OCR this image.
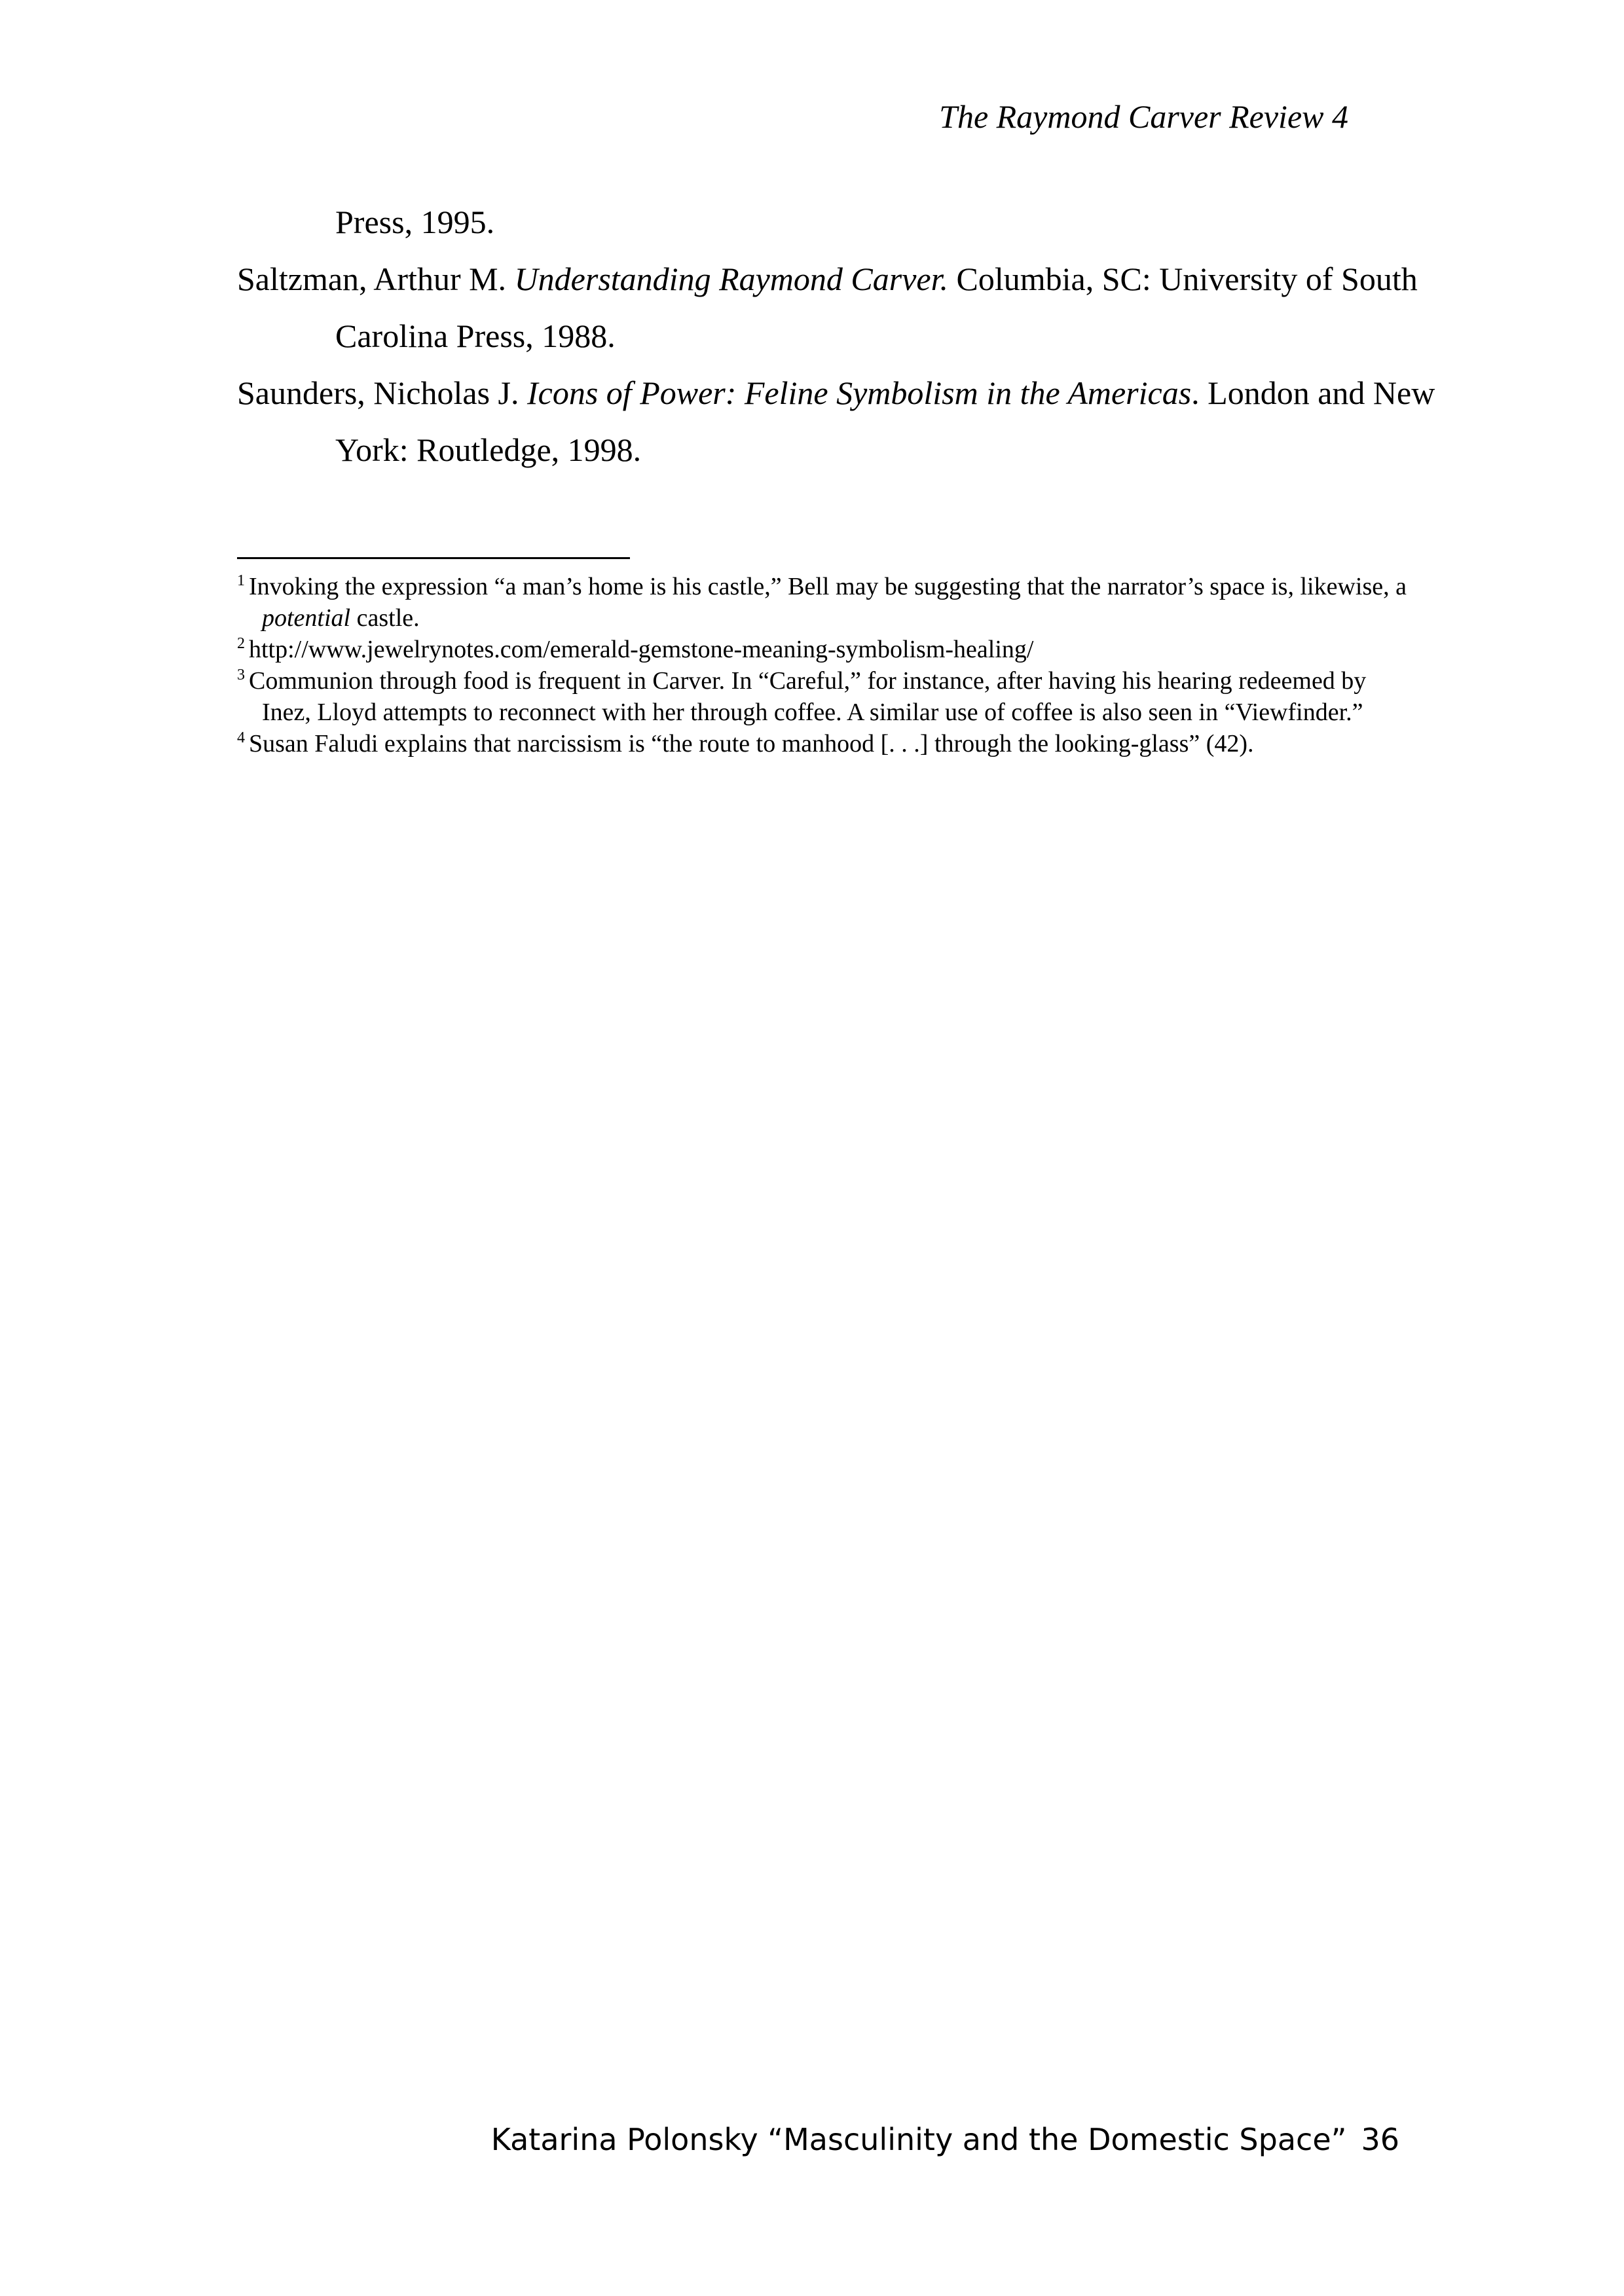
The Raymond Carver Review 4
Press, 1995.
Saltzman, Arthur M. Understanding Raymond Carver. Columbia, SC: University of South Carolina Press, 1988.
Saunders, Nicholas J. Icons of Power: Feline Symbolism in the Americas. London and New York: Routledge, 1998.
$^1$ Invoking the expression “a man’s home is his castle,” Bell may be suggesting that the narrator’s space is, likewise, a potential castle.
$^2$ http://www.jewelrynotes.com/emerald-gemstone-meaning-symbolism-healing/
$^3$ Communion through food is frequent in Carver. In “Careful,” for instance, after having his hearing redeemed by Inez, Lloyd attempts to reconnect with her through coffee. A similar use of coffee is also seen in “Viewfinder.”
$^4$ Susan Faludi explains that narcissism is “the route to manhood [. . .] through the looking-glass” (42).
Katarina Polonsky “Masculinity and the Domestic Space” 36
